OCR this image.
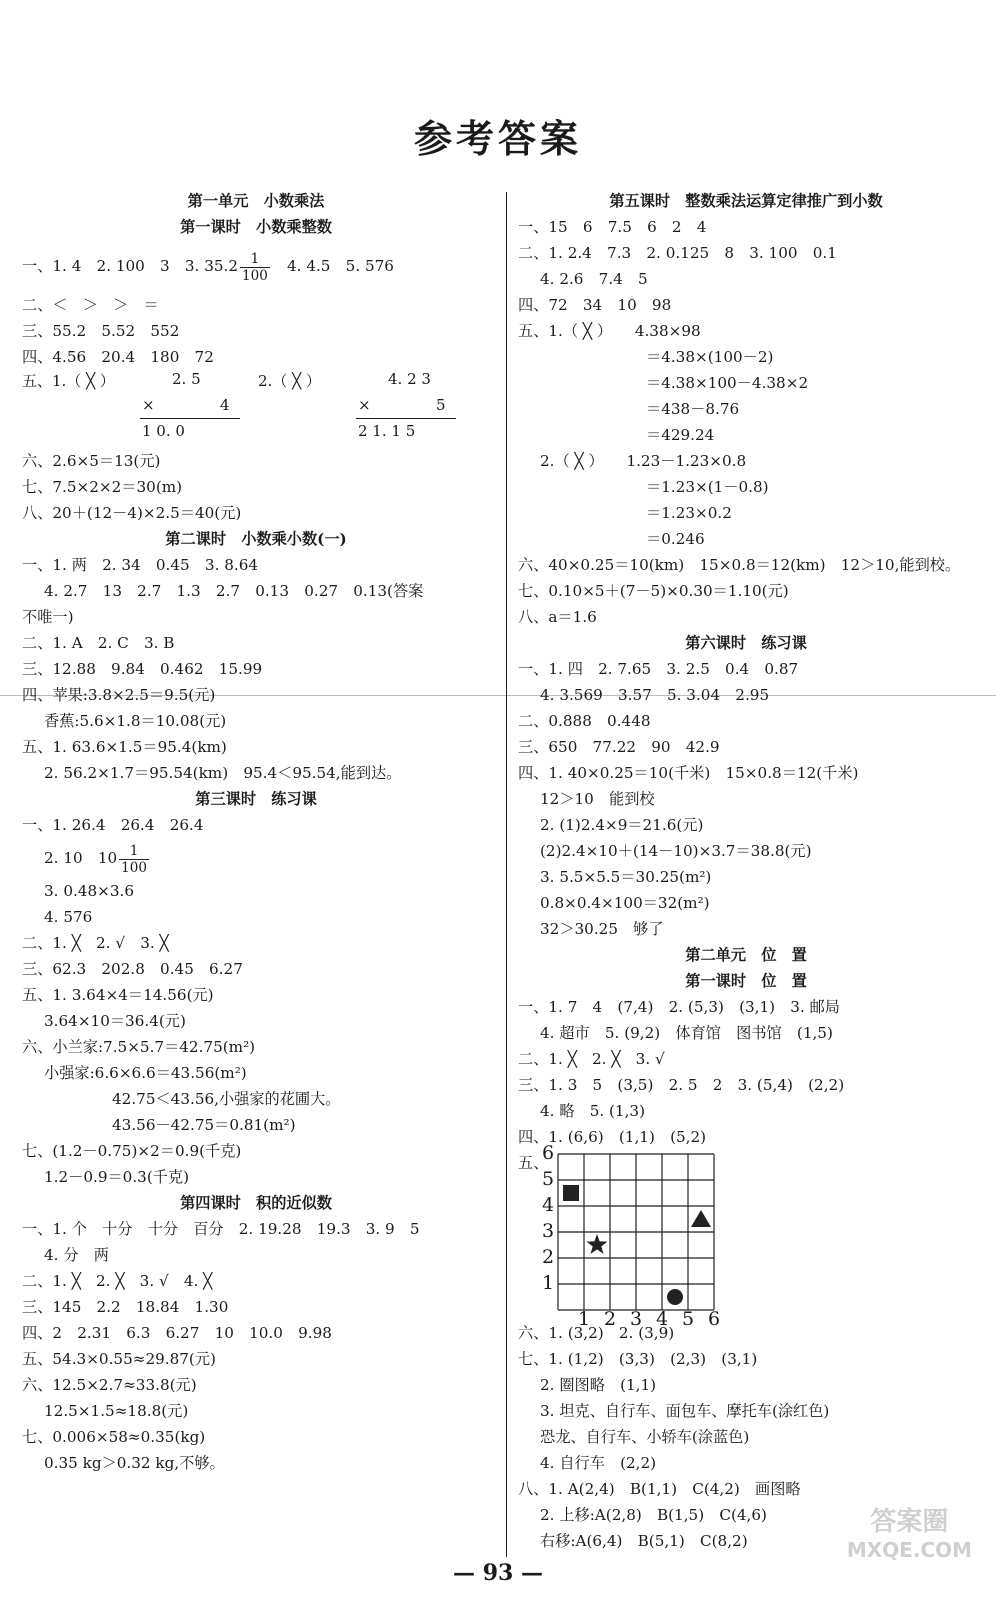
参考答案
第一单元　小数乘法
第一课时　小数乘整数
一、1. 4　2. 100　3　3. $35.2 \frac{1}{100}$ 　4. 4.5　5. 576
二、＜　＞　＞　＝
三、55.2　5.52　552
四、4.56　20.4　180　72
五、1.（ ╳ ）	2. 5
×	4
1 0. 0
2.（ ╳ ）	4. 2 3
×	5
2 1. 1 5
六、2.6×5＝13(元)
七、7.5×2×2＝30(m)
八、20＋(12－4)×2.5＝40(元)
第二课时　小数乘小数(一)
一、1. 两　2. 34　0.45　3. 8.64
4. 2.7　13　2.7　1.3　2.7　0.13　0.27　0.13(答案
不唯一)
二、1. A　2. C　3. B
三、12.88　9.84　0.462　15.99
四、苹果:3.8×2.5＝9.5(元)
香蕉:5.6×1.8＝10.08(元)
五、1. 63.6×1.5＝95.4(km)
2. 56.2×1.7＝95.54(km)　95.4＜95.54,能到达。
第三课时　练习课
一、1. 26.4　26.4　26.4
2. 10　$10 \frac{1}{100}$
3. 0.48×3.6
4. 576
二、1. ╳　2. √　3. ╳
三、62.3　202.8　0.45　6.27
五、1. 3.64×4＝14.56(元)
3.64×10＝36.4(元)
六、小兰家:7.5×5.7＝42.75(m²)
小强家:6.6×6.6＝43.56(m²)
42.75＜43.56,小强家的花圃大。
43.56－42.75＝0.81(m²)
七、(1.2－0.75)×2＝0.9(千克)
1.2－0.9＝0.3(千克)
第四课时　积的近似数
一、1. 个　十分　十分　百分　2. 19.28　19.3　3. 9　5
4. 分　两
二、1. ╳　2. ╳　3. √　4. ╳
三、145　2.2　18.84　1.30
四、2　2.31　6.3　6.27　10　10.0　9.98
五、54.3×0.55≈29.87(元)
六、12.5×2.7≈33.8(元)
12.5×1.5≈18.8(元)
七、0.006×58≈0.35(kg)
0.35 kg＞0.32 kg,不够。
第五课时　整数乘法运算定律推广到小数
一、15　6　7.5　6　2　4
二、1. 2.4　7.3　2. 0.125　8　3. 100　0.1
4. 2.6　7.4　5
四、72　34　10　98
五、1.（ ╳ ）　　4.38×98
＝4.38×(100－2)
＝4.38×100－4.38×2
＝438－8.76
＝429.24
2.（ ╳ ）　　1.23－1.23×0.8
＝1.23×(1－0.8)
＝1.23×0.2
＝0.246
六、40×0.25＝10(km)　15×0.8＝12(km)　12＞10,能到校。
七、0.10×5＋(7－5)×0.30＝1.10(元)
八、a＝1.6
第六课时　练习课
一、1. 四　2. 7.65　3. 2.5　0.4　0.87
4. 3.569　3.57　5. 3.04　2.95
二、0.888　0.448
三、650　77.22　90　42.9
四、1. 40×0.25＝10(千米)　15×0.8＝12(千米)
12＞10　能到校
2. (1)2.4×9＝21.6(元)
(2)2.4×10＋(14－10)×3.7＝38.8(元)
3. 5.5×5.5＝30.25(m²)
0.8×0.4×100＝32(m²)
32＞30.25　够了
第二单元　位　置
第一课时　位　置
一、1. 7　4　(7,4)　2. (5,3)　(3,1)　3. 邮局
4. 超市　5. (9,2)　体育馆　图书馆　(1,5)
二、1. ╳　2. ╳　3. √
三、1. 3　5　(3,5)　2. 5　2　3. (5,4)　(2,2)
4. 略　5. (1,3)
四、1. (6,6)　(1,1)　(5,2)
五、
6
5
4
3
2
1
1 2 3 4 5 6
六、1. (3,2)　2. (3,9)
七、1. (1,2)　(3,3)　(2,3)　(3,1)
2. 圈图略　(1,1)
3. 坦克、自行车、面包车、摩托车(涂红色)
恐龙、自行车、小轿车(涂蓝色)
4. 自行车　(2,2)
八、1. A(2,4)　B(1,1)　C(4,2)　画图略
2. 上移:A(2,8)　B(1,5)　C(4,6)
右移:A(6,4)　B(5,1)　C(8,2)
— 93 —
答案圈
MXQE.COM
